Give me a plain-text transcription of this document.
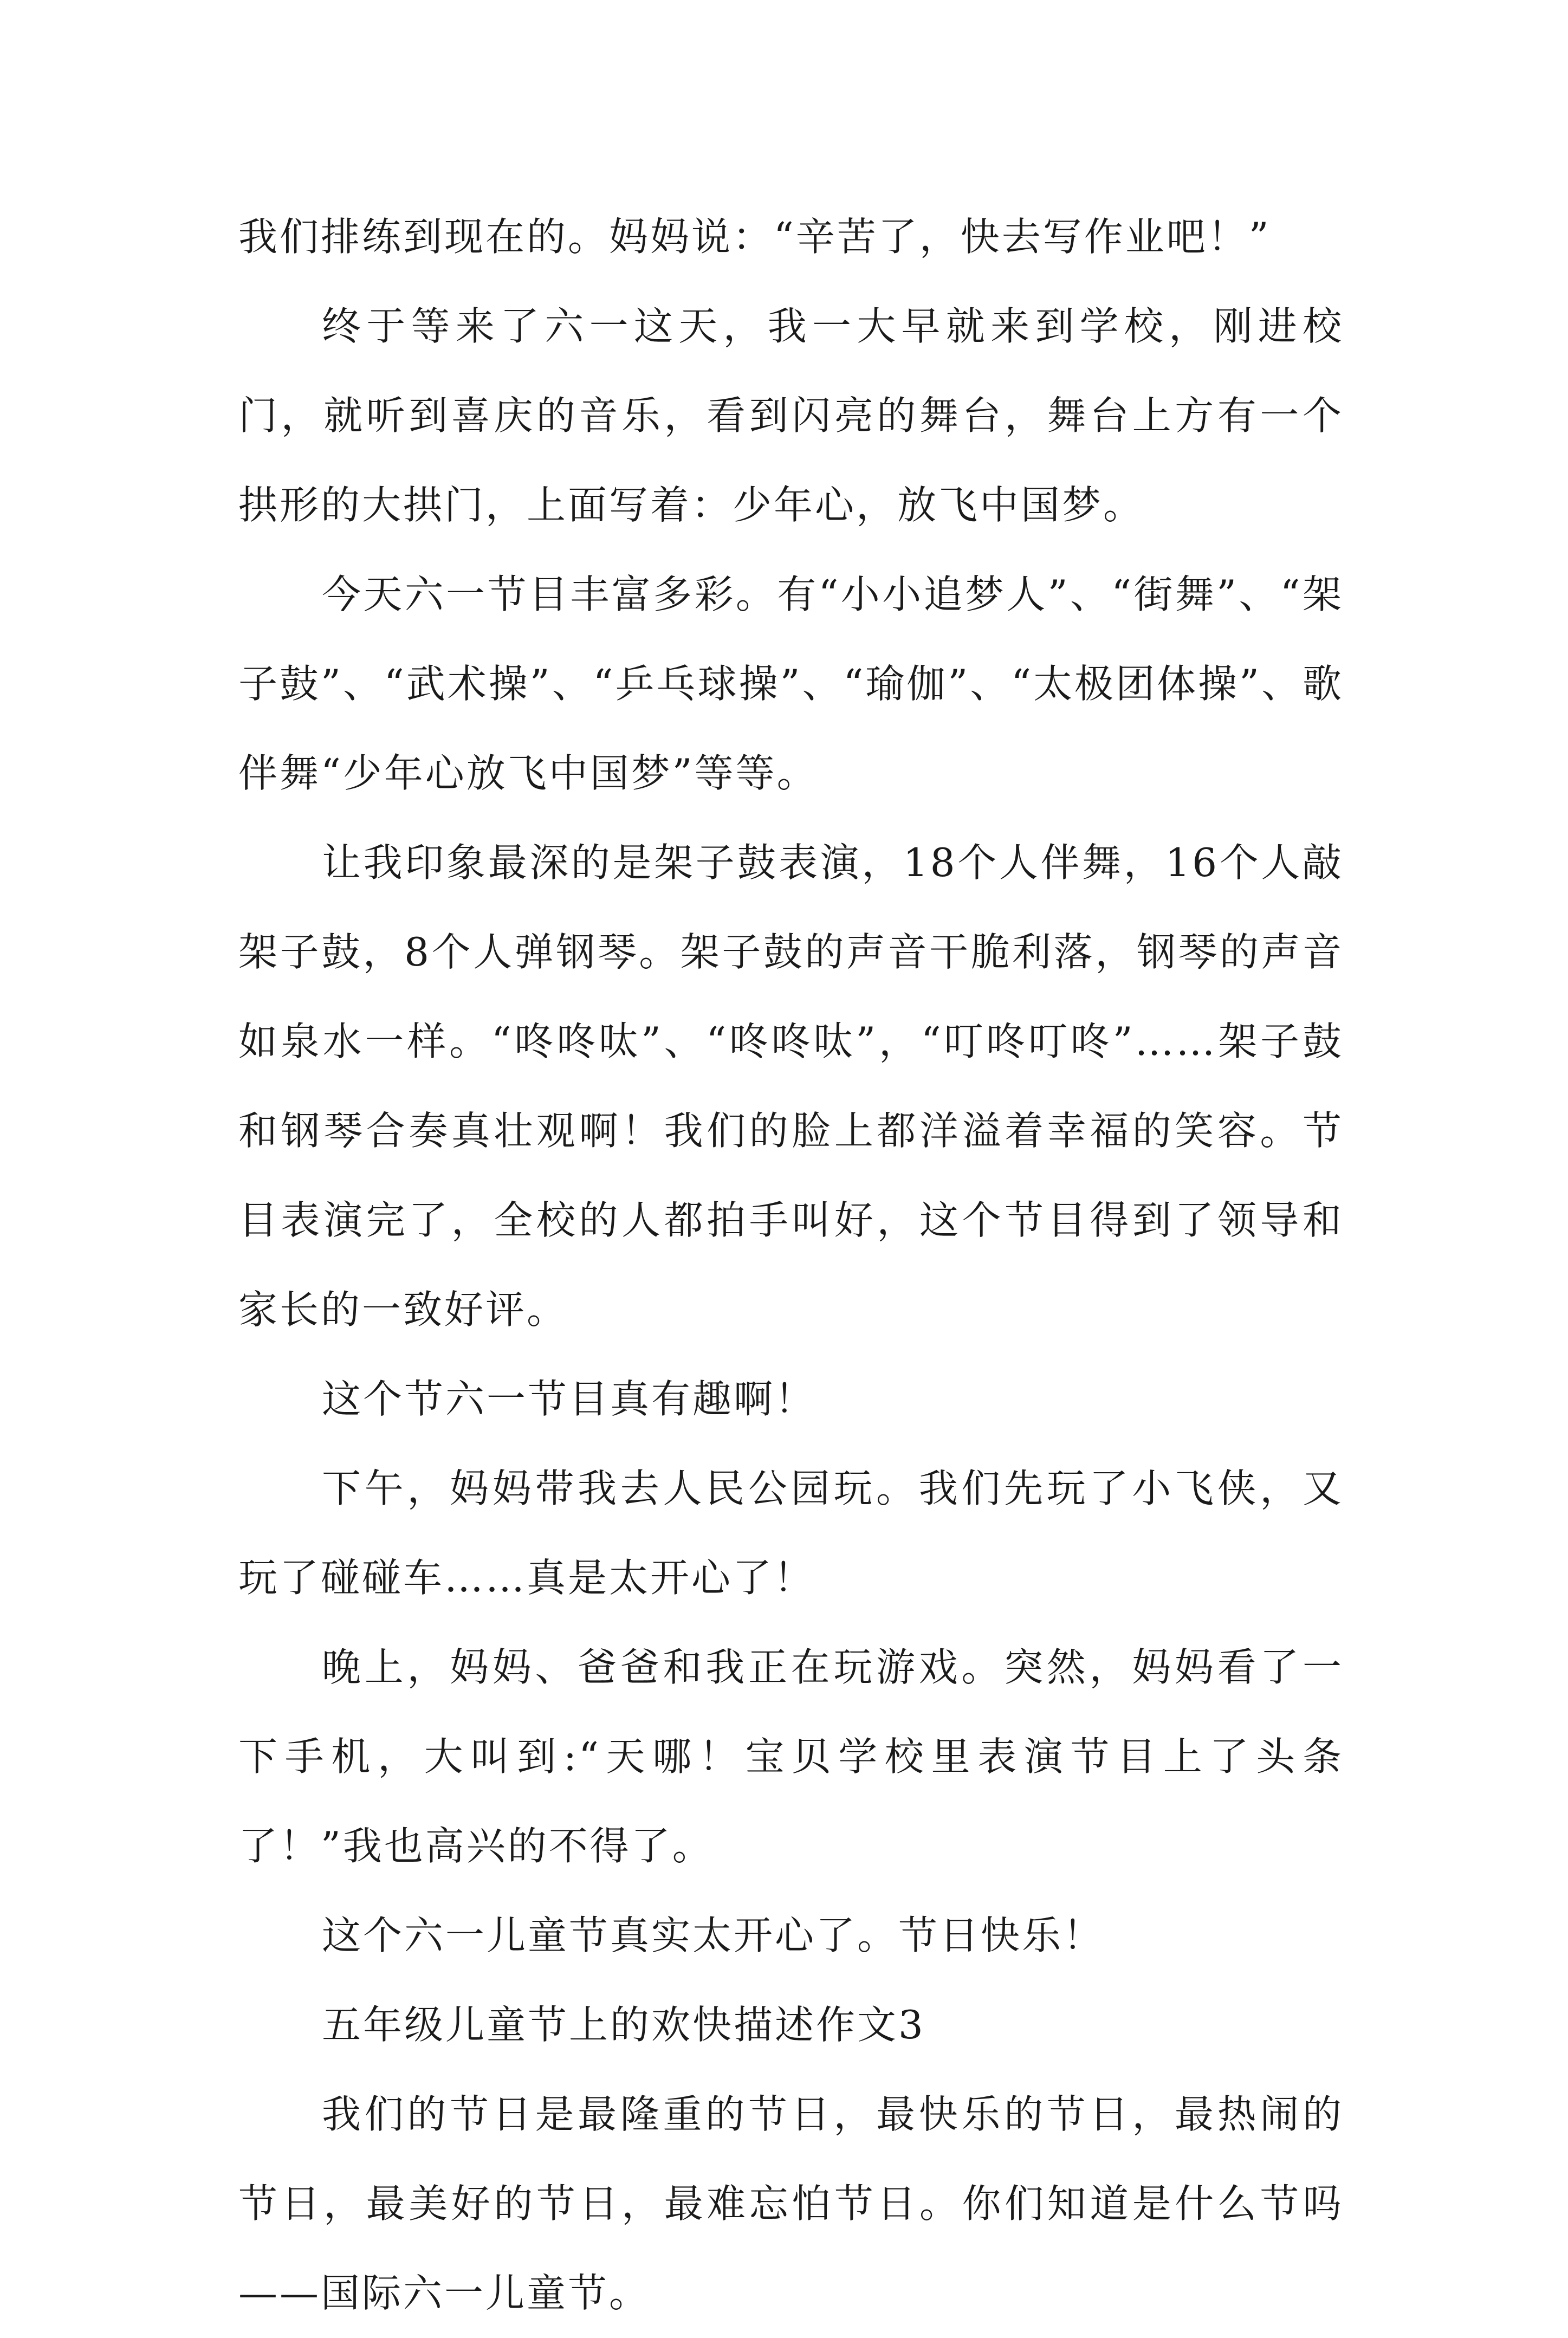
我们排练到现在的。妈妈说：“辛苦了，快去写作业吧！”

终于等来了六一这天，我一大早就来到学校，刚进校门，就听到喜庆的音乐，看到闪亮的舞台，舞台上方有一个拱形的大拱门，上面写着：少年心，放飞中国梦。

今天六一节目丰富多彩。有“小小追梦人”、“街舞”、“架子鼓”、“武术操”、“乒乓球操”、“瑜伽”、“太极团体操”、歌伴舞“少年心放飞中国梦”等等。

让我印象最深的是架子鼓表演，18个人伴舞，16个人敲架子鼓，8个人弹钢琴。架子鼓的声音干脆利落，钢琴的声音如泉水一样。“咚咚呔”、“咚咚呔”，“叮咚叮咚”……架子鼓和钢琴合奏真壮观啊！我们的脸上都洋溢着幸福的笑容。节目表演完了，全校的人都拍手叫好，这个节目得到了领导和家长的一致好评。

这个节六一节目真有趣啊！

下午，妈妈带我去人民公园玩。我们先玩了小飞侠，又玩了碰碰车……真是太开心了！

晚上，妈妈、爸爸和我正在玩游戏。突然，妈妈看了一下手机，大叫到:“天哪！宝贝学校里表演节目上了头条了！”我也高兴的不得了。

这个六一儿童节真实太开心了。节日快乐！

五年级儿童节上的欢快描述作文3

我们的节日是最隆重的节日，最快乐的节日，最热闹的节日，最美好的节日，最难忘怕节日。你们知道是什么节吗——国际六一儿童节。
